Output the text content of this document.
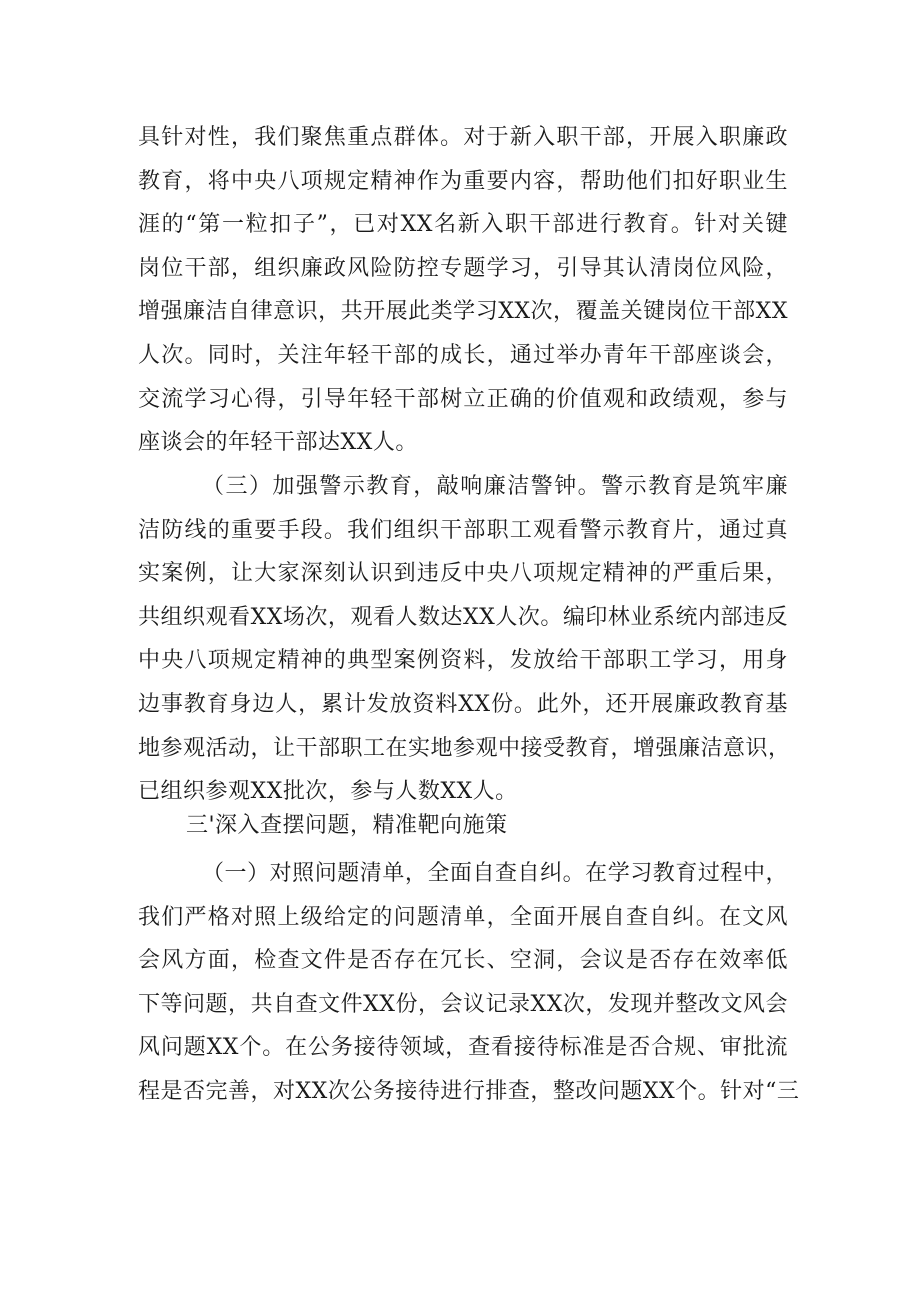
具针对性，我们聚焦重点群体。对于新入职干部，开展入职廉政
教育，将中央八项规定精神作为重要内容，帮助他们扣好职业生
涯的“第一粒扣子”，已对XX名新入职干部进行教育。针对关键
岗位干部，组织廉政风险防控专题学习，引导其认清岗位风险，
增强廉洁自律意识，共开展此类学习XX次，覆盖关键岗位干部XX
人次。同时，关注年轻干部的成长，通过举办青年干部座谈会，
交流学习心得，引导年轻干部树立正确的价值观和政绩观，参与
座谈会的年轻干部达XX人。
（三）加强警示教育，敲响廉洁警钟。警示教育是筑牢廉
洁防线的重要手段。我们组织干部职工观看警示教育片，通过真
实案例，让大家深刻认识到违反中央八项规定精神的严重后果，
共组织观看XX场次，观看人数达XX人次。编印林业系统内部违反
中央八项规定精神的典型案例资料，发放给干部职工学习，用身
边事教育身边人，累计发放资料XX份。此外，还开展廉政教育基
地参观活动，让干部职工在实地参观中接受教育，增强廉洁意识，
已组织参观XX批次，参与人数XX人。
三'深入查摆问题，精准靶向施策
（一）对照问题清单，全面自查自纠。在学习教育过程中，
我们严格对照上级给定的问题清单，全面开展自查自纠。在文风
会风方面，检查文件是否存在冗长、空洞，会议是否存在效率低
下等问题，共自查文件XX份，会议记录XX次，发现并整改文风会
风问题XX个。在公务接待领域，查看接待标准是否合规、审批流
程是否完善，对XX次公务接待进行排查，整改问题XX个。针对“三
